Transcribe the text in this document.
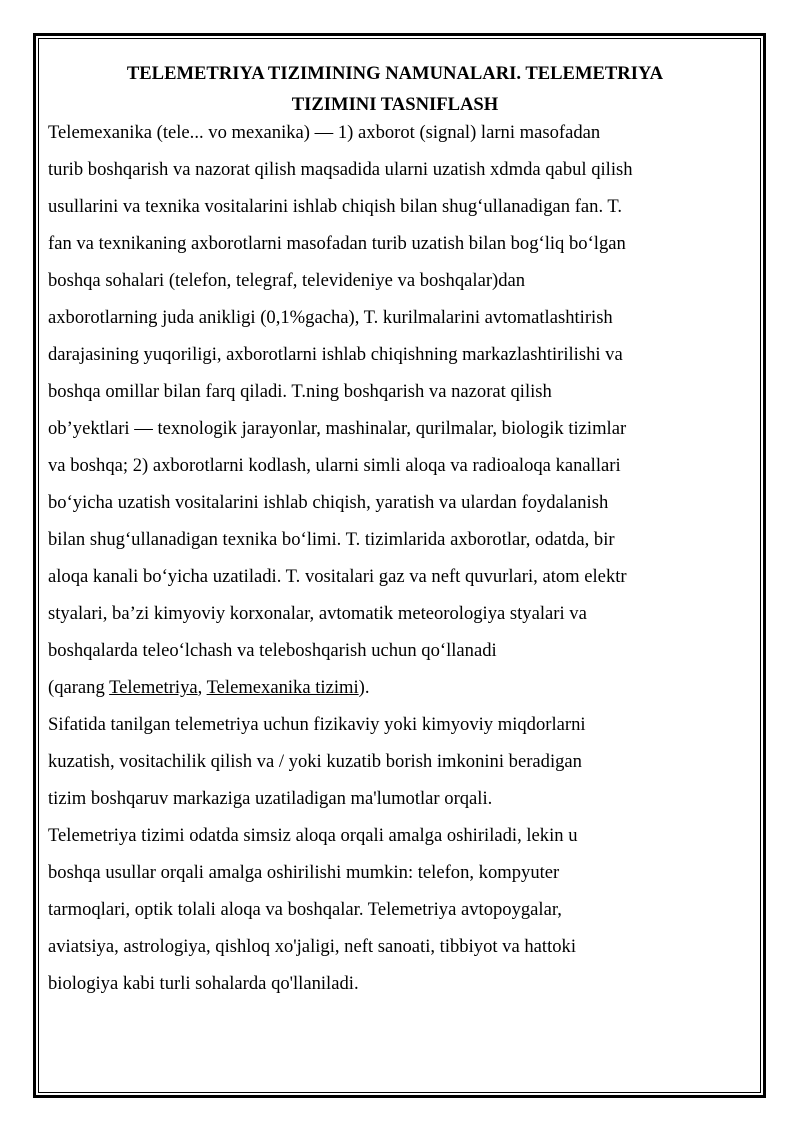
TELEMETRIYA TIZIMINING NAMUNALARI. TELEMETRIYA
TIZIMINI TASNIFLASH

Telemexanika (tele... vo mexanika) — 1) axborot (signal) larni masofadan
turib boshqarish va nazorat qilish maqsadida ularni uzatish xdmda qabul qilish
usullarini va texnika vositalarini ishlab chiqish bilan shug‘ullanadigan fan. T.
fan va texnikaning axborotlarni masofadan turib uzatish bilan bog‘liq bo‘lgan
boshqa sohalari (telefon, telegraf, televideniye va boshqalar)dan
axborotlarning juda anikligi (0,1%gacha), T. kurilmalarini avtomatlashtirish
darajasining yuqoriligi, axborotlarni ishlab chiqishning markazlashtirilishi va
boshqa omillar bilan farq qiladi. T.ning boshqarish va nazorat qilish
ob’yektlari — texnologik jarayonlar, mashinalar, qurilmalar, biologik tizimlar
va boshqa; 2) axborotlarni kodlash, ularni simli aloqa va radioaloqa kanallari
bo‘yicha uzatish vositalarini ishlab chiqish, yaratish va ulardan foydalanish
bilan shug‘ullanadigan texnika bo‘limi. T. tizimlarida axborotlar, odatda, bir
aloqa kanali bo‘yicha uzatiladi. T. vositalari gaz va neft quvurlari, atom elektr
styalari, ba’zi kimyoviy korxonalar, avtomatik meteorologiya styalari va
boshqalarda teleo‘lchash va teleboshqarish uchun qo‘llanadi
(qarang Telemetriya, Telemexanika tizimi).

Sifatida tanilgan telemetriya uchun fizikaviy yoki kimyoviy miqdorlarni
kuzatish, vositachilik qilish va / yoki kuzatib borish imkonini beradigan
tizim boshqaruv markaziga uzatiladigan ma'lumotlar orqali.

Telemetriya tizimi odatda simsiz aloqa orqali amalga oshiriladi, lekin u
boshqa usullar orqali amalga oshirilishi mumkin: telefon, kompyuter
tarmoqlari, optik tolali aloqa va boshqalar. Telemetriya avtopoygalar,
aviatsiya, astrologiya, qishloq xo'jaligi, neft sanoati, tibbiyot va hattoki
biologiya kabi turli sohalarda qo'llaniladi.
